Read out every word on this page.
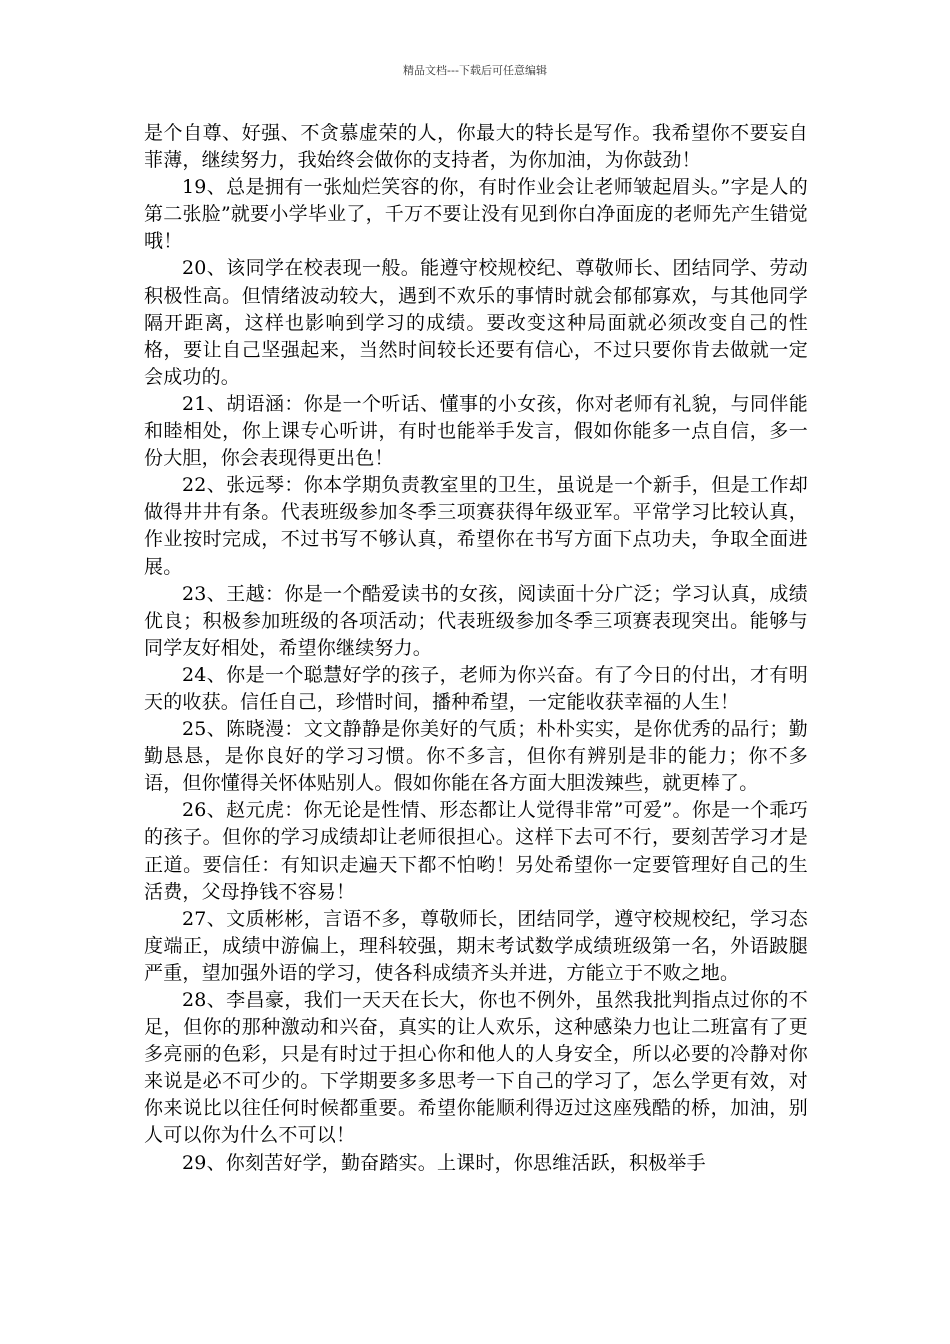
精品文档---下载后可任意编辑

是个自尊、好强、不贪慕虚荣的人，你最大的特长是写作。我希望你不要妄自菲薄，继续努力，我始终会做你的支持者，为你加油，为你鼓劲！

19、总是拥有一张灿烂笑容的你，有时作业会让老师皱起眉头。”字是人的第二张脸”就要小学毕业了，千万不要让没有见到你白净面庞的老师先产生错觉哦！

20、该同学在校表现一般。能遵守校规校纪、尊敬师长、团结同学、劳动积极性高。但情绪波动较大，遇到不欢乐的事情时就会郁郁寡欢，与其他同学隔开距离，这样也影响到学习的成绩。要改变这种局面就必须改变自己的性格，要让自己坚强起来，当然时间较长还要有信心，不过只要你肯去做就一定会成功的。

21、胡语涵：你是一个听话、懂事的小女孩，你对老师有礼貌，与同伴能和睦相处，你上课专心听讲，有时也能举手发言，假如你能多一点自信，多一份大胆，你会表现得更出色！

22、张远琴：你本学期负责教室里的卫生，虽说是一个新手，但是工作却做得井井有条。代表班级参加冬季三项赛获得年级亚军。平常学习比较认真，作业按时完成，不过书写不够认真，希望你在书写方面下点功夫，争取全面进展。

23、王越：你是一个酷爱读书的女孩，阅读面十分广泛；学习认真，成绩优良；积极参加班级的各项活动；代表班级参加冬季三项赛表现突出。能够与同学友好相处，希望你继续努力。

24、你是一个聪慧好学的孩子，老师为你兴奋。有了今日的付出，才有明天的收获。信任自己，珍惜时间，播种希望，一定能收获幸福的人生！

25、陈晓漫：文文静静是你美好的气质；朴朴实实，是你优秀的品行；勤勤恳恳，是你良好的学习习惯。你不多言，但你有辨别是非的能力；你不多语，但你懂得关怀体贴别人。假如你能在各方面大胆泼辣些，就更棒了。

26、赵元虎：你无论是性情、形态都让人觉得非常”可爱”。你是一个乖巧的孩子。但你的学习成绩却让老师很担心。这样下去可不行，要刻苦学习才是正道。要信任：有知识走遍天下都不怕哟！另处希望你一定要管理好自己的生活费，父母挣钱不容易！

27、文质彬彬，言语不多，尊敬师长，团结同学，遵守校规校纪，学习态度端正，成绩中游偏上，理科较强，期末考试数学成绩班级第一名，外语跛腿严重，望加强外语的学习，使各科成绩齐头并进，方能立于不败之地。

28、李昌豪，我们一天天在长大，你也不例外，虽然我批判指点过你的不足，但你的那种激动和兴奋，真实的让人欢乐，这种感染力也让二班富有了更多亮丽的色彩，只是有时过于担心你和他人的人身安全，所以必要的冷静对你来说是必不可少的。下学期要多多思考一下自己的学习了，怎么学更有效，对你来说比以往任何时候都重要。希望你能顺利得迈过这座残酷的桥，加油，别人可以你为什么不可以！

29、你刻苦好学，勤奋踏实。上课时，你思维活跃，积极举手
